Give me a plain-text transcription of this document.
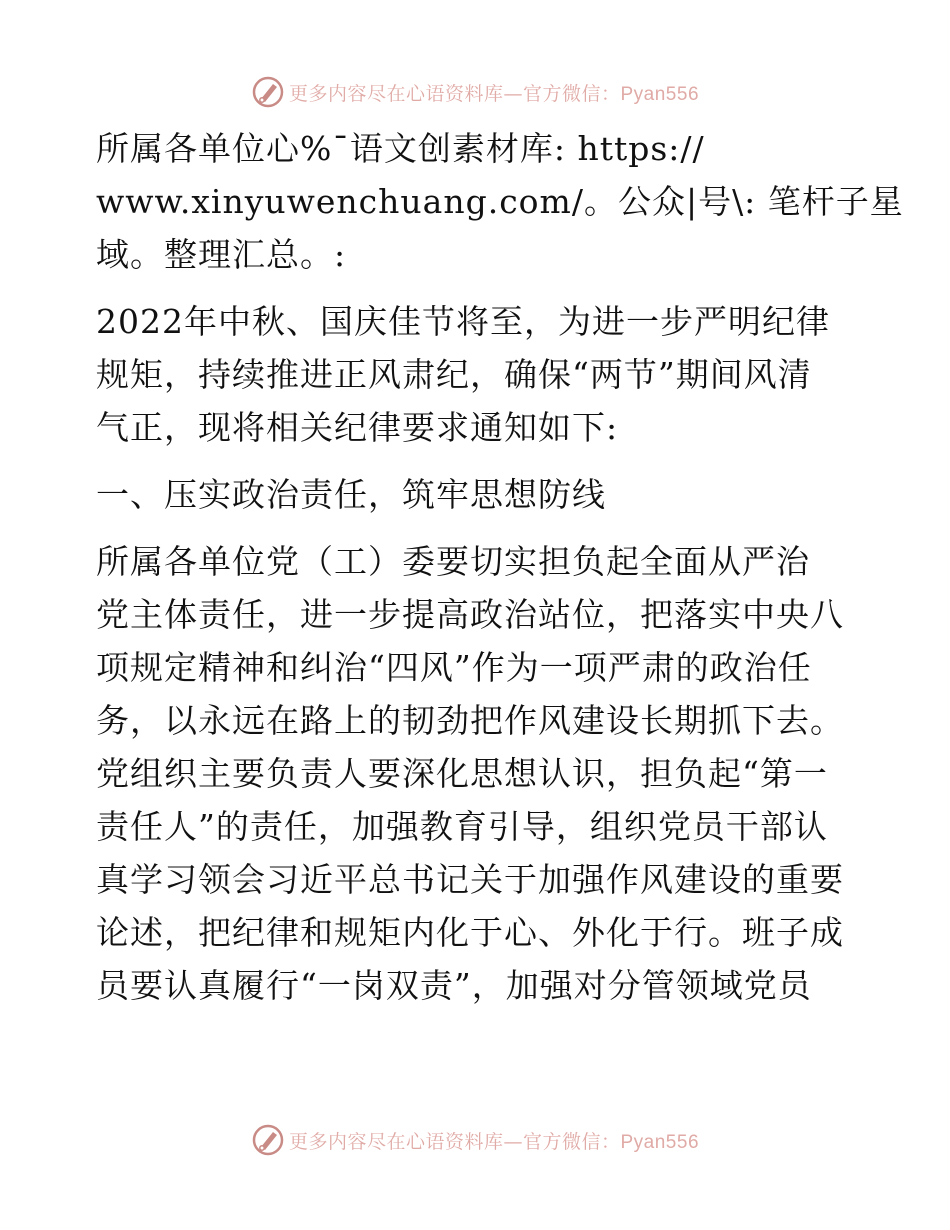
更多内容尽在心语资料库—官方微信：Pyan556

所属各单位心%¯语文创素材库: https://
www.xinyuwenchuang.com/。公众|号\: 笔杆子星
域。整理汇总。:

2022年中秋、国庆佳节将至，为进一步严明纪律
规矩，持续推进正风肃纪，确保“两节”期间风清
气正，现将相关纪律要求通知如下:

一、压实政治责任，筑牢思想防线

所属各单位党（工）委要切实担负起全面从严治
党主体责任，进一步提高政治站位，把落实中央八
项规定精神和纠治“四风”作为一项严肃的政治任
务，以永远在路上的韧劲把作风建设长期抓下去。
党组织主要负责人要深化思想认识，担负起“第一
责任人”的责任，加强教育引导，组织党员干部认
真学习领会习近平总书记关于加强作风建设的重要
论述，把纪律和规矩内化于心、外化于行。班子成
员要认真履行“一岗双责”，加强对分管领域党员

更多内容尽在心语资料库—官方微信：Pyan556
